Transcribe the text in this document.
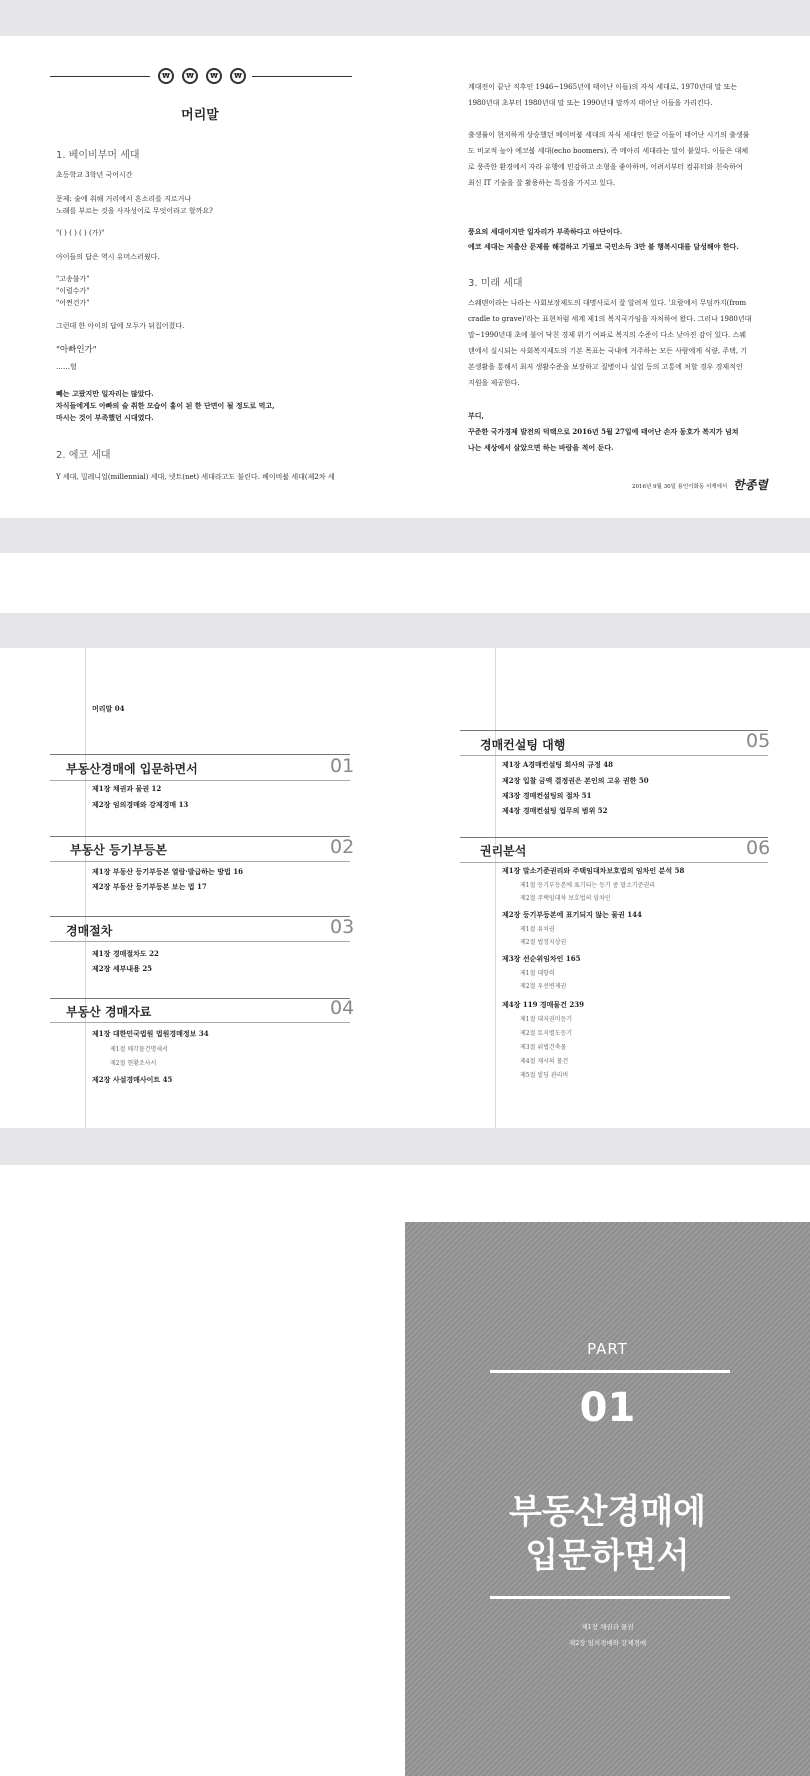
₩	₩	₩	₩
머리말
1. 베이비부머 세대
초등학교 3학년 국어시간
문제: 술에 취해 거리에서 흔소리를 지르거나
노래를 부르는 것을 사자성어로 무엇이라고 할까요?
"( ) ( ) ( ) (가)"
아이들의 답은 역시 유머스러웠다.
"고송불가"
"이럴수가"
"어쩐건가"
그런데 한 아이의 답에 모두가 뒤집어졌다.
"아빠인가"
……헐
빼는 고팠지만 일자리는 많았다.
자식들에게도 아빠의 술 취한 모습이 흉이 된 한 단면이 될 정도로 먹고,
마시는 것이 부족했던 시대였다.
2. 에코 세대
Y 세대, 밀레니얼(millennial) 세대, 넷트(net) 세대라고도 불린다. 베이비붐 세대(제2차 세
계대전이 끝난 직후인 1946~1965년에 태어난 이들)의 자식 세대로, 1970년대 말 또는
1980년대 초부터 1980년대 말 또는 1990년대 말까지 태어난 이들을 가리킨다.
출생률이 현저하게 상승했던 베이비붐 세대의 자식 세대인 한글 이들이 태어난 시기의 출생률
도 비교적 높아 에코붐 세대(echo boomers), 즉 메아리 세대라는 말이 붙었다. 이들은 대체
로 풍족한 환경에서 자라 유행에 민감하고 소형을 좋아하며, 어려서부터 컴퓨터와 친숙하여
최신 IT 기술을 잘 활용하는 특징을 가지고 있다.
풍요의 세대이지만 일자리가 부족하다고 아단이다.
에코 세대는 저출산 문제를 해결하고 기필코 국민소득 3만 불 행복시대를 달성해야 한다.
3. 미래 세대
스웨덴이라는 나라는 사회보장제도의 대명사로서 잘 알려져 있다. '요람에서 무덤까지(from
cradle to grave)'라는 표현처럼 세계 제1의 복지국가임을 자처하여 왔다. 그러나 1980년대
말~1990년대 초에 불어 닥친 경제 위기 여파로 복지의 수준이 다소 낮아진 감이 있다. 스웨
덴에서 실시되는 사회복지제도의 기본 목표는 국내에 거주하는 모든 사람에게 식량, 주택, 기
본생활을 통해서 최저 생활수준을 보장하고 질병이나 실업 등의 고통에 처할 경우 경제적인
지원을 제공한다.
부디,
꾸준한 국가경제 발전의 덕택으로 2016년 5월 27일에 태어난 손자 동호가 복지가 넘쳐
나는 세상에서 살았으면 하는 바람을 적어 둔다.
2016년 9월 30일 용인이화동 서재에서 한종렬
머리말 04
부동산경매에 입문하면서	01
제1장 채권과 물권 12
제2장 임의경매와 강제경매 13
부동산 등기부등본	02
제1장 부동산 등기부등본 열람·발급하는 방법 16
제2장 부동산 등기부등본 보는 법 17
경매절차	03
제1장 경매절차도 22
제2장 세부내용 25
부동산 경매자료	04
제1장 대한민국법원 법원경매정보 34
제1절 매각물건명세서
제2절 현황조사서
제2장 사설경매사이트 45
경매컨설팅 대행	05
제1장 A경매컨설팅 회사의 규정 48
제2장 입찰 금액 결정권은 본인의 고유 권한 50
제3장 경매컨설팅의 절차 51
제4장 경매컨설팅 업무의 범위 52
권리분석	06
제1장 말소기준권리와 주택임대차보호법의 임차인 분석 58
제1절 등기부등본에 표기되는 등기 중 말소기준권리
제2절 주택임대차 보호법의 임차인
제2장 등기부등본에 표기되지 않는 물권 144
제1절 유치권
제2절 법정지상권
제3장 선순위임차인 165
제1절 대항력
제2절 우선변제권
제4장 119 경매물건 239
제1절 대지권미등기
제2절 토지별도등기
제3절 위법건축물
제4절 재시의 물건
제5절 빌딩 관리비
PART
01
부동산경매에
입문하면서
제1장 채권과 물권
제2장 임의경매와 강제경매
